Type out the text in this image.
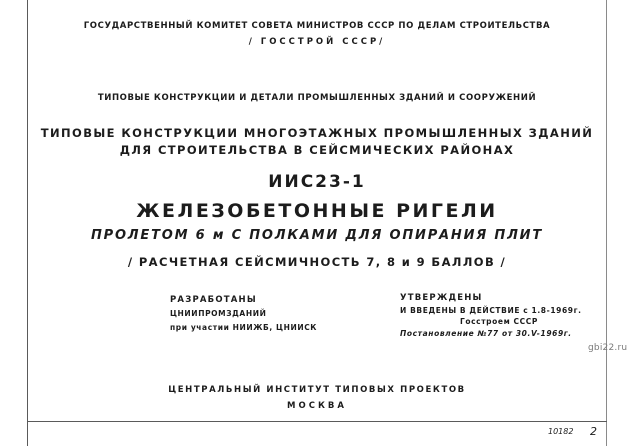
ГОСУДАРСТВЕННЫЙ КОМИТЕТ СОВЕТА МИНИСТРОВ СССР ПО ДЕЛАМ СТРОИТЕЛЬСТВА
/ ГОССТРОЙ СССР/
ТИПОВЫЕ КОНСТРУКЦИИ И ДЕТАЛИ ПРОМЫШЛЕННЫХ ЗДАНИЙ И СООРУЖЕНИЙ
ТИПОВЫЕ КОНСТРУКЦИИ МНОГОЭТАЖНЫХ ПРОМЫШЛЕННЫХ ЗДАНИЙ
ДЛЯ СТРОИТЕЛЬСТВА В СЕЙСМИЧЕСКИХ РАЙОНАХ
ИИС23-1
ЖЕЛЕЗОБЕТОННЫЕ РИГЕЛИ
ПРОЛЕТОМ 6 м С ПОЛКАМИ ДЛЯ ОПИРАНИЯ ПЛИТ
/ РАСЧЕТНАЯ СЕЙСМИЧНОСТЬ 7, 8 и 9 БАЛЛОВ /
РАЗРАБОТАНЫ
ЦНИИПРОМЗДАНИЙ
при участии НИИЖБ, ЦНИИСК
УТВЕРЖДЕНЫ
И ВВЕДЕНЫ В ДЕЙСТВИЕ с 1.8-1969г.
Госстроем СССР
Постановление №77 от 30.V-1969г.
ЦЕНТРАЛЬНЫЙ ИНСТИТУТ ТИПОВЫХ ПРОЕКТОВ
МОСКВА
gbi22.ru
10182 2
